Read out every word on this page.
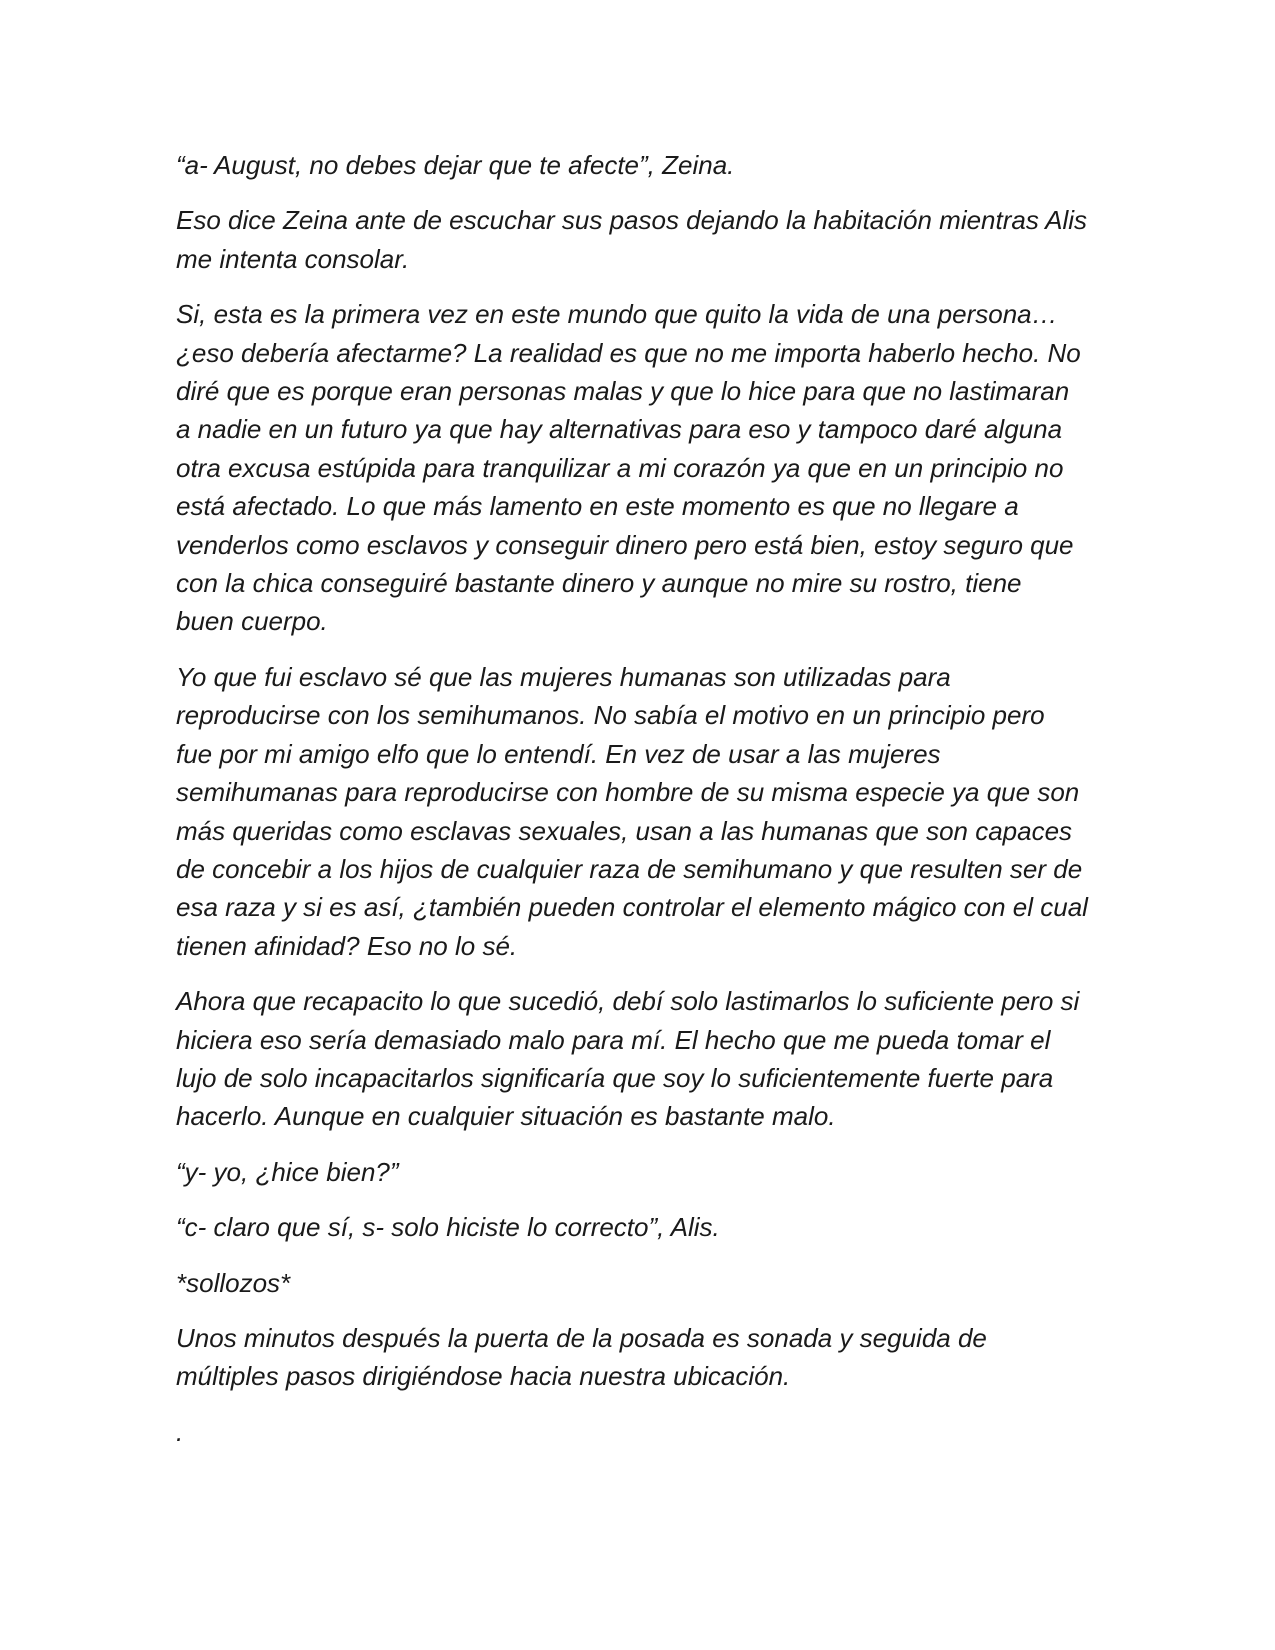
“a- August, no debes dejar que te afecte”, Zeina.

Eso dice Zeina ante de escuchar sus pasos dejando la habitación mientras Alis
me intenta consolar.

Si, esta es la primera vez en este mundo que quito la vida de una persona…
¿eso debería afectarme? La realidad es que no me importa haberlo hecho. No
diré que es porque eran personas malas y que lo hice para que no lastimaran
a nadie en un futuro ya que hay alternativas para eso y tampoco daré alguna
otra excusa estúpida para tranquilizar a mi corazón ya que en un principio no
está afectado. Lo que más lamento en este momento es que no llegare a
venderlos como esclavos y conseguir dinero pero está bien, estoy seguro que
con la chica conseguiré bastante dinero y aunque no mire su rostro, tiene
buen cuerpo.

Yo que fui esclavo sé que las mujeres humanas son utilizadas para
reproducirse con los semihumanos. No sabía el motivo en un principio pero
fue por mi amigo elfo que lo entendí. En vez de usar a las mujeres
semihumanas para reproducirse con hombre de su misma especie ya que son
más queridas como esclavas sexuales, usan a las humanas que son capaces
de concebir a los hijos de cualquier raza de semihumano y que resulten ser de
esa raza y si es así, ¿también pueden controlar el elemento mágico con el cual
tienen afinidad? Eso no lo sé.

Ahora que recapacito lo que sucedió, debí solo lastimarlos lo suficiente pero si
hiciera eso sería demasiado malo para mí. El hecho que me pueda tomar el
lujo de solo incapacitarlos significaría que soy lo suficientemente fuerte para
hacerlo. Aunque en cualquier situación es bastante malo.

“y- yo, ¿hice bien?”

“c- claro que sí, s- solo hiciste lo correcto”, Alis.

*sollozos*

Unos minutos después la puerta de la posada es sonada y seguida de
múltiples pasos dirigiéndose hacia nuestra ubicación.

.
